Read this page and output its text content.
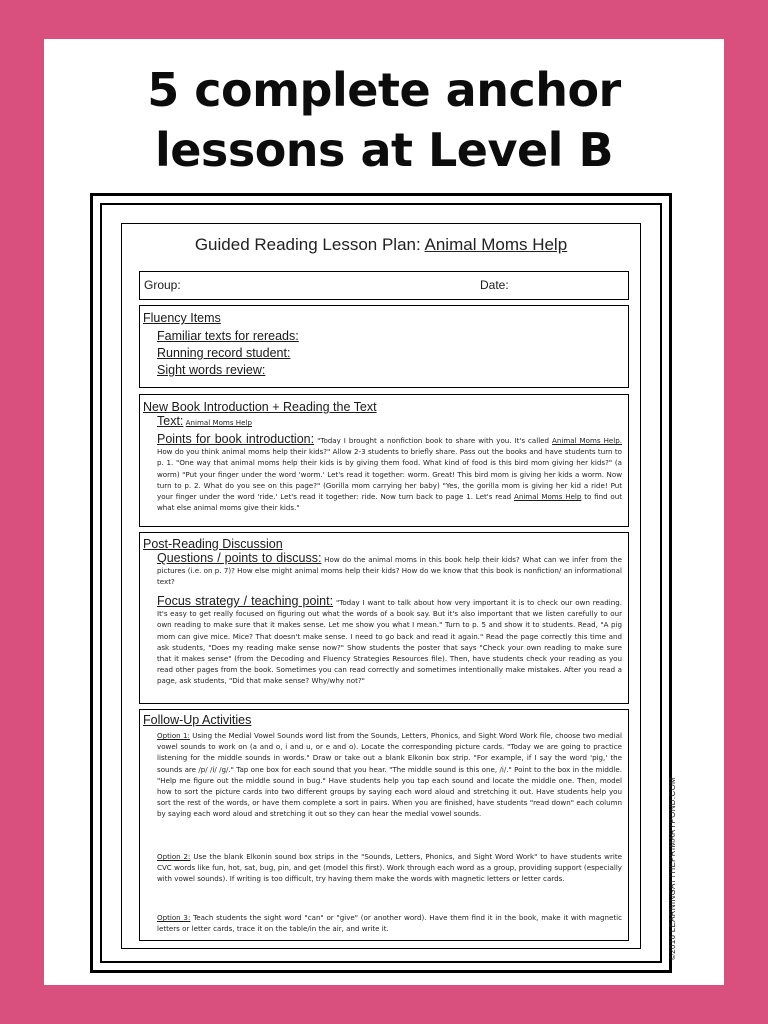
5 complete anchor
lessons at Level B
Guided Reading Lesson Plan: Animal Moms Help
Group:	Date:
Fluency Items
Familiar texts for rereads:
Running record student:
Sight words review:
New Book Introduction + Reading the Text
Text: Animal Moms Help
Points for book introduction: "Today I brought a nonfiction book to share with you. It's called Animal Moms Help. How do you think animal moms help their kids?" Allow 2-3 students to briefly share. Pass out the books and have students turn to p. 1. "One way that animal moms help their kids is by giving them food. What kind of food is this bird mom giving her kids?" (a worm) "Put your finger under the word 'worm.' Let's read it together: worm. Great! This bird mom is giving her kids a worm. Now turn to p. 2. What do you see on this page?" (Gorilla mom carrying her baby) "Yes, the gorilla mom is giving her kid a ride! Put your finger under the word 'ride.' Let's read it together: ride. Now turn back to page 1. Let's read Animal Moms Help to find out what else animal moms give their kids."
Post-Reading Discussion
Questions / points to discuss: How do the animal moms in this book help their kids? What can we infer from the pictures (i.e. on p. 7)? How else might animal moms help their kids? How do we know that this book is nonfiction/ an informational text?
Focus strategy / teaching point: "Today I want to talk about how very important it is to check our own reading. It's easy to get really focused on figuring out what the words of a book say. But it's also important that we listen carefully to our own reading to make sure that it makes sense. Let me show you what I mean." Turn to p. 5 and show it to students. Read, "A pig mom can give mice. Mice? That doesn't make sense. I need to go back and read it again." Read the page correctly this time and ask students, "Does my reading make sense now?" Show students the poster that says "Check your own reading to make sure that it makes sense" (from the Decoding and Fluency Strategies Resources file). Then, have students check your reading as you read other pages from the book. Sometimes you can read correctly and sometimes intentionally make mistakes. After you read a page, ask students, "Did that make sense? Why/why not?"
Follow-Up Activities
Option 1: Using the Medial Vowel Sounds word list from the Sounds, Letters, Phonics, and Sight Word Work file, choose two medial vowel sounds to work on (a and o, i and u, or e and o). Locate the corresponding picture cards. "Today we are going to practice listening for the middle sounds in words." Draw or take out a blank Elkonin box strip. "For example, if I say the word 'pig,' the sounds are /p/ /i/ /g/." Tap one box for each sound that you hear. "The middle sound is this one, /i/." Point to the box in the middle. "Help me figure out the middle sound in bug." Have students help you tap each sound and locate the middle one. Then, model how to sort the picture cards into two different groups by saying each word aloud and stretching it out. Have students help you sort the rest of the words, or have them complete a sort in pairs. When you are finished, have students "read down" each column by saying each word aloud and stretching it out so they can hear the medial vowel sounds.
Option 2: Use the blank Elkonin sound box strips in the "Sounds, Letters, Phonics, and Sight Word Work" to have students write CVC words like fun, hot, sat, bug, pin, and get (model this first). Work through each word as a group, providing support (especially with vowel sounds). If writing is too difficult, try having them make the words with magnetic letters or letter cards.
Option 3: Teach students the sight word "can" or "give" (or another word). Have them find it in the book, make it with magnetic letters or letter cards, trace it on the table/in the air, and write it.	©2016 LEARNINGATTHEPRIMARYPOND.COM
